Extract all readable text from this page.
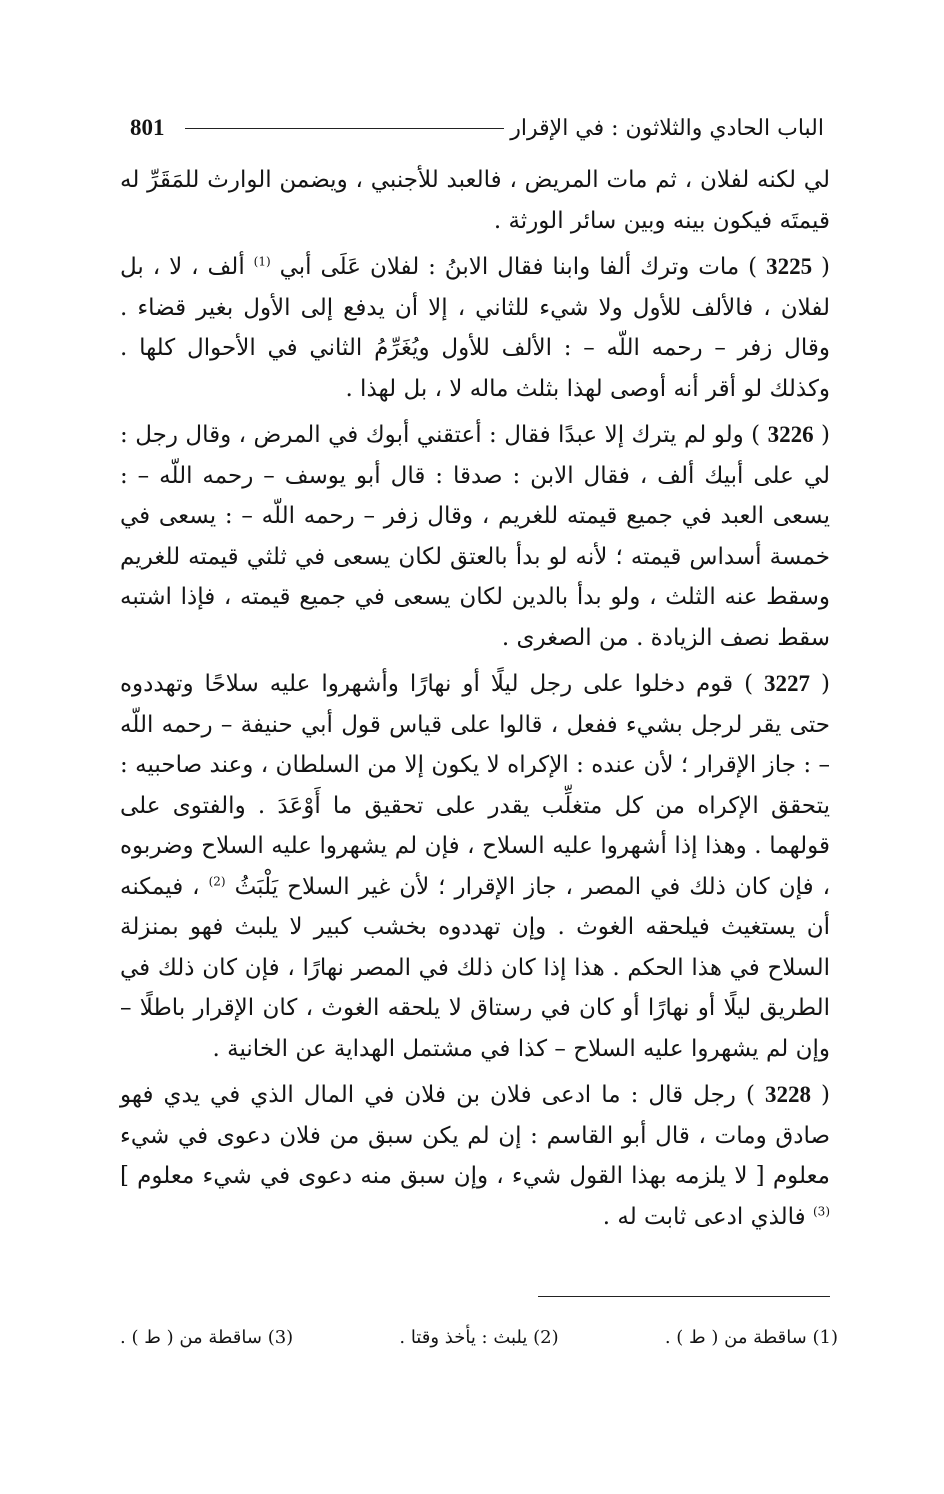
801	الباب الحادي والثلاثون : في الإقرار

لي لكنه لفلان ، ثم مات المريض ، فالعبد للأجنبي ، ويضمن الوارث للمَقَرِّ له قيمتَه فيكون بينه وبين سائر الورثة .

( 3225 ) مات وترك ألفا وابنا فقال الابنُ : لفلان عَلَى أبي $^{(1)}$ ألف ، لا ، بل لفلان ، فالألف للأول ولا شيء للثاني ، إلا أن يدفع إلى الأول بغير قضاء . وقال زفر – رحمه اللّه – : الألف للأول ويُغَرِّمُ الثاني في الأحوال كلها . وكذلك لو أقر أنه أوصى لهذا بثلث ماله لا ، بل لهذا .

( 3226 ) ولو لم يترك إلا عبدًا فقال : أعتقني أبوك في المرض ، وقال رجل : لي على أبيك ألف ، فقال الابن : صدقا : قال أبو يوسف – رحمه اللّه – : يسعى العبد في جميع قيمته للغريم ، وقال زفر – رحمه اللّه – : يسعى في خمسة أسداس قيمته ؛ لأنه لو بدأ بالعتق لكان يسعى في ثلثي قيمته للغريم وسقط عنه الثلث ، ولو بدأ بالدين لكان يسعى في جميع قيمته ، فإذا اشتبه سقط نصف الزيادة . من الصغرى .

( 3227 ) قوم دخلوا على رجل ليلًا أو نهارًا وأشهروا عليه سلاحًا وتهددوه حتى يقر لرجل بشيء ففعل ، قالوا على قياس قول أبي حنيفة – رحمه اللّه – : جاز الإقرار ؛ لأن عنده : الإكراه لا يكون إلا من السلطان ، وعند صاحبيه : يتحقق الإكراه من كل متغلِّب يقدر على تحقيق ما أَوْعَدَ . والفتوى على قولهما . وهذا إذا أشهروا عليه السلاح ، فإن لم يشهروا عليه السلاح وضربوه ، فإن كان ذلك في المصر ، جاز الإقرار ؛ لأن غير السلاح يَلْبَثُ $^{(2)}$ ، فيمكنه أن يستغيث فيلحقه الغوث . وإن تهددوه بخشب كبير لا يلبث فهو بمنزلة السلاح في هذا الحكم . هذا إذا كان ذلك في المصر نهارًا ، فإن كان ذلك في الطريق ليلًا أو نهارًا أو كان في رستاق لا يلحقه الغوث ، كان الإقرار باطلًا – وإن لم يشهروا عليه السلاح – كذا في مشتمل الهداية عن الخانية .

( 3228 ) رجل قال : ما ادعى فلان بن فلان في المال الذي في يدي فهو صادق ومات ، قال أبو القاسم : إن لم يكن سبق من فلان دعوى في شيء معلوم [ لا يلزمه بهذا القول شيء ، وإن سبق منه دعوى في شيء معلوم ] $^{(3)}$ فالذي ادعى ثابت له .

(1) ساقطة من ( ط ) .
(2) يلبث : يأخذ وقتا .
(3) ساقطة من ( ط ) .
